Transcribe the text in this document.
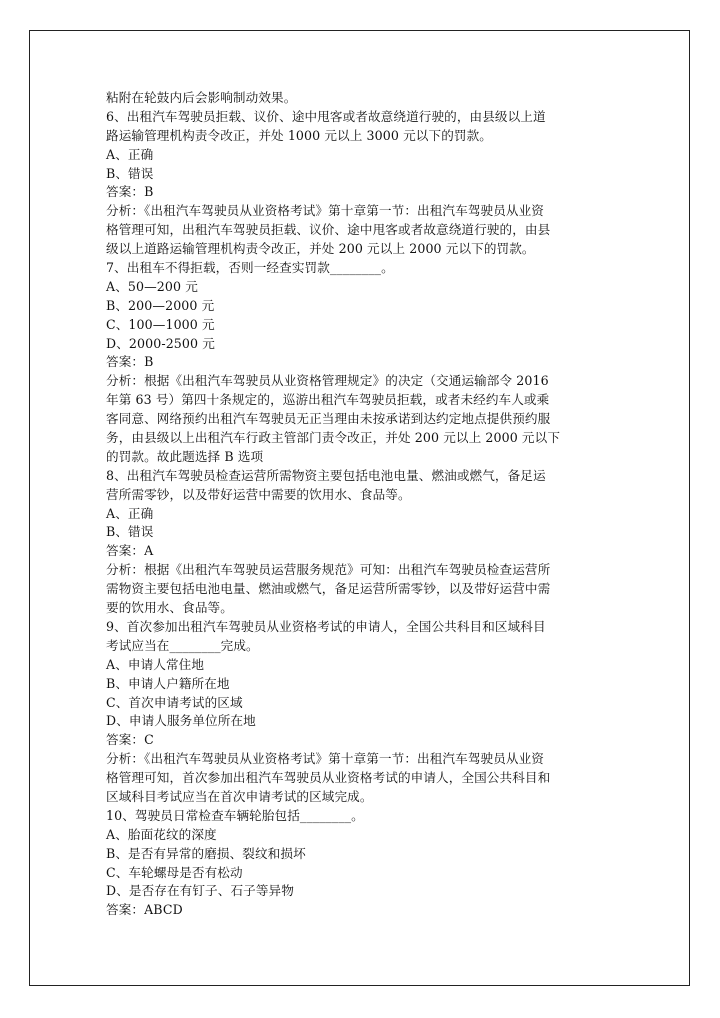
粘附在轮鼓内后会影响制动效果。
6、出租汽车驾驶员拒载、议价、途中甩客或者故意绕道行驶的，由县级以上道
路运输管理机构责令改正，并处 1000 元以上 3000 元以下的罚款。
A、正确
B、错误
答案：B
分析：《出租汽车驾驶员从业资格考试》第十章第一节：出租汽车驾驶员从业资
格管理可知，出租汽车驾驶员拒载、议价、途中甩客或者故意绕道行驶的，由县
级以上道路运输管理机构责令改正，并处 200 元以上 2000 元以下的罚款。
7、出租车不得拒载，否则一经查实罚款________。
A、50—200 元
B、200—2000 元
C、100—1000 元
D、2000-2500 元
答案：B
分析：根据《出租汽车驾驶员从业资格管理规定》的决定（交通运输部令 2016
年第 63 号）第四十条规定的，巡游出租汽车驾驶员拒载，或者未经约车人或乘
客同意、网络预约出租汽车驾驶员无正当理由未按承诺到达约定地点提供预约服
务，由县级以上出租汽车行政主管部门责令改正，并处 200 元以上 2000 元以下
的罚款。故此题选择 B 选项
8、出租汽车驾驶员检查运营所需物资主要包括电池电量、燃油或燃气，备足运
营所需零钞，以及带好运营中需要的饮用水、食品等。
A、正确
B、错误
答案：A
分析：根据《出租汽车驾驶员运营服务规范》可知：出租汽车驾驶员检查运营所
需物资主要包括电池电量、燃油或燃气，备足运营所需零钞，以及带好运营中需
要的饮用水、食品等。
9、首次参加出租汽车驾驶员从业资格考试的申请人，全国公共科目和区域科目
考试应当在________完成。
A、申请人常住地
B、申请人户籍所在地
C、首次申请考试的区域
D、申请人服务单位所在地
答案：C
分析：《出租汽车驾驶员从业资格考试》第十章第一节：出租汽车驾驶员从业资
格管理可知，首次参加出租汽车驾驶员从业资格考试的申请人，全国公共科目和
区域科目考试应当在首次申请考试的区域完成。
10、驾驶员日常检查车辆轮胎包括________。
A、胎面花纹的深度
B、是否有异常的磨损、裂纹和损坏
C、车轮螺母是否有松动
D、是否存在有钉子、石子等异物
答案：ABCD
